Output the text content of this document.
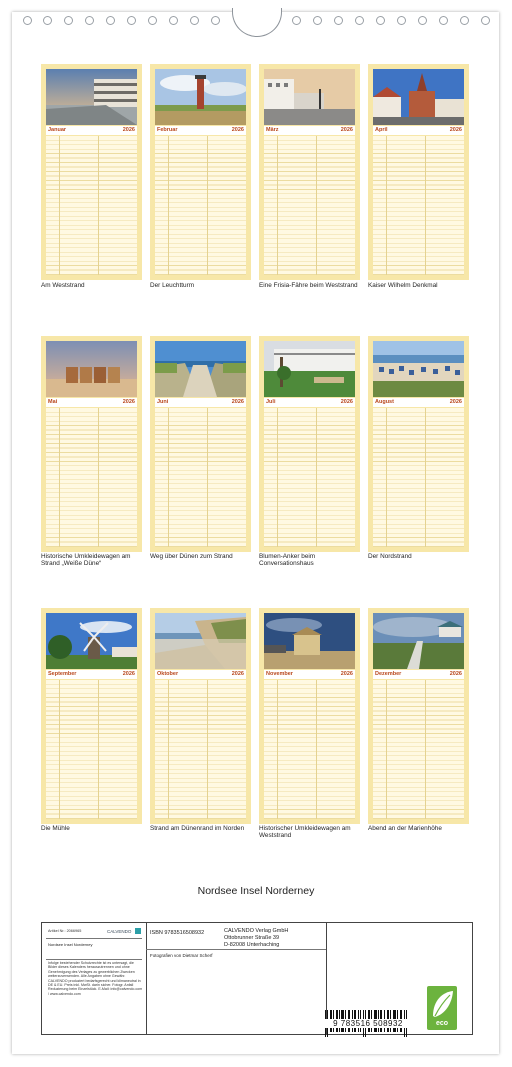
Januar	2026
Am Weststrand
Februar	2026
Der Leuchtturm
März	2026
Eine Frisia-Fähre beim Weststrand
April	2026
Kaiser Wilhelm Denkmal
Mai	2026
Historische Umkleidewagen am Strand „Weiße Düne“
Juni	2026
Weg über Dünen zum Strand
Juli	2026
Blumen-Anker beim Conversationshaus
August	2026
Der Nordstrand
September	2026
Die Mühle
Oktober	2026
Strand am Dünenrand im Norden
November	2026
Historischer Umkleidewagen am Weststrand
Dezember	2026
Abend an der Marienhöhe
Nordsee Insel Norderney
Artikel Nr.: 2066965	CALVENDO
Nordsee Insel Norderney
Infolge bestehender Schutzrechte ist es untersagt, die Bilder dieses Kalenders herauszutrennen und ohne Genehmigung des Verlages zu gewerblichen Zwecken weiterzuverwenden. Alle Angaben ohne Gewähr. CALVENDO produziert bedarfsgerecht und klimaneutral in DE & EU. Preis inkl. MwSt. darin sicher. Fotogr. Anfall Reduzierung beim Einzelstück. E-Mail: info@calvendo.com / www.calvendo.com
ISBN 9783516508932	CALVENDO Verlag GmbH
Ottobrunner Straße 39
D-82008 Unterhaching
Fotografien von Dietmar Scherf
9 783516 508932	eco
